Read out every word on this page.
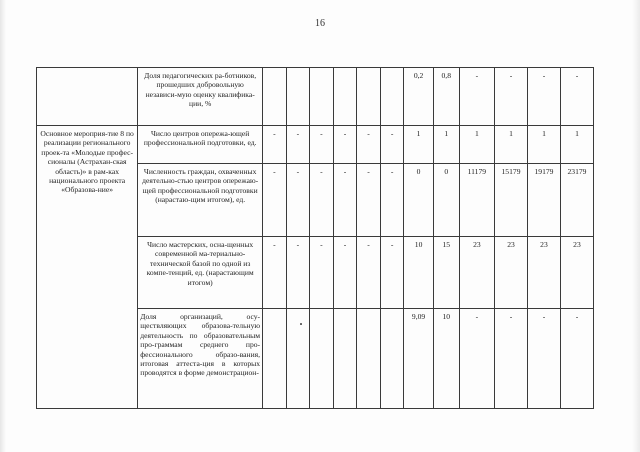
16
	Доля педагогических ра-ботников, прошедших добровольную независи-мую оценку квалифика-ции, %							0,2	0,8	-	-	-	-
Основное мероприя-тие 8 по реализации регионального проек-та «Молодые профес-сионалы (Астрахан-ская область)» в рам-ках национального проекта «Образова-ние»	Число центров опережа-ющей профессиональной подготовки, ед.	-	-	-	-	-	-	1	1	1	1	1	1
	Численность граждан, охваченных деятельно-стью центров опережаю-щей профессиональной подготовки (нарастаю-щим итогом), ед.	-	-	-	-	-	-	0	0	11179	15179	19179	23179
	Число мастерских, осна-щенных современной ма-териально-технической базой по одной из компе-тенций, ед. (нарастающим итогом)	-	-	-	-	-	-	10	15	23	23	23	23
	Доля организаций, осу-ществляющих образова-тельную деятельность по образовательным про-граммам среднего про-фессионального образо-вания, итоговая аттеста-ция в которых проводятся в форме демонстрацион-							9,09	10	-	-	-	-
